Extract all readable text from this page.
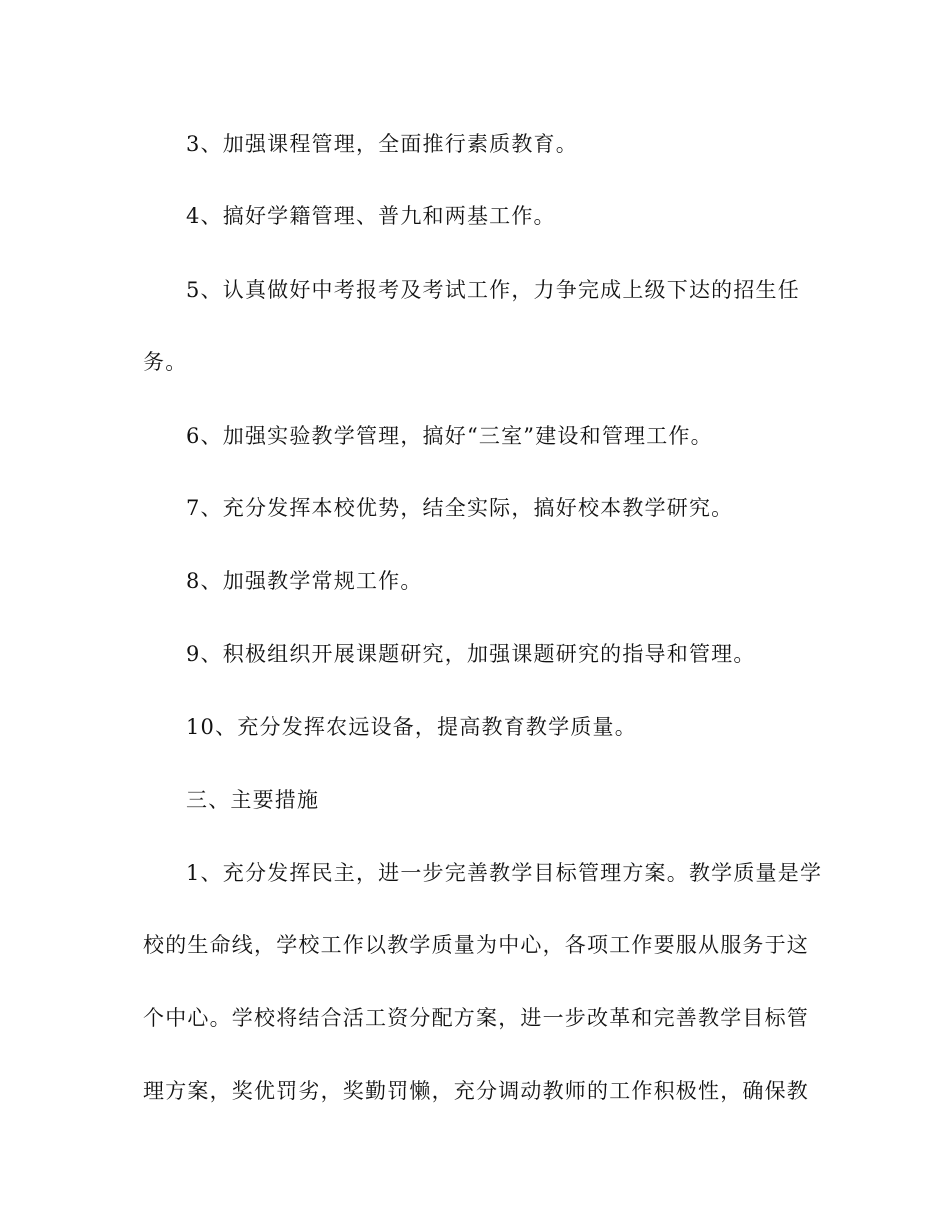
3、加强课程管理，全面推行素质教育。

4、搞好学籍管理、普九和两基工作。

5、认真做好中考报考及考试工作，力争完成上级下达的招生任

务。

6、加强实验教学管理，搞好“三室”建设和管理工作。

7、充分发挥本校优势，结全实际，搞好校本教学研究。

8、加强教学常规工作。

9、积极组织开展课题研究，加强课题研究的指导和管理。

10、充分发挥农远设备，提高教育教学质量。

三、主要措施

1、充分发挥民主，进一步完善教学目标管理方案。教学质量是学

校的生命线，学校工作以教学质量为中心，各项工作要服从服务于这

个中心。学校将结合活工资分配方案，进一步改革和完善教学目标管

理方案，奖优罚劣，奖勤罚懒，充分调动教师的工作积极性，确保教
